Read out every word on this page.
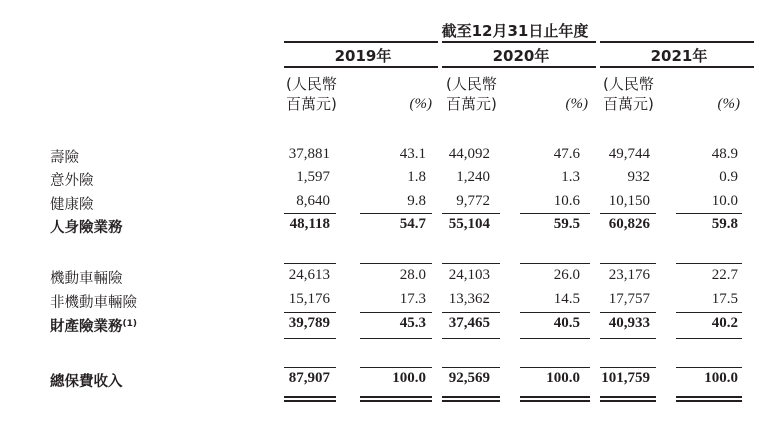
截至12月31日止年度
2019年	2020年	2021年
(人民幣
百萬元)	(%)
(人民幣
百萬元)	(%)
(人民幣
百萬元)	(%)
壽險	37,881	43.1	44,092	47.6	49,744	48.9
意外險	1,597	1.8	1,240	1.3	932	0.9
健康險	8,640	9.8	9,772	10.6	10,150	10.0
人身險業務	48,118	54.7	55,104	59.5	60,826	59.8
機動車輛險	24,613	28.0	24,103	26.0	23,176	22.7
非機動車輛險	15,176	17.3	13,362	14.5	17,757	17.5
財產險業務$^{(1)}$	39,789	45.3	37,465	40.5	40,933	40.2
總保費收入	87,907	100.0	92,569	100.0	101,759	100.0
